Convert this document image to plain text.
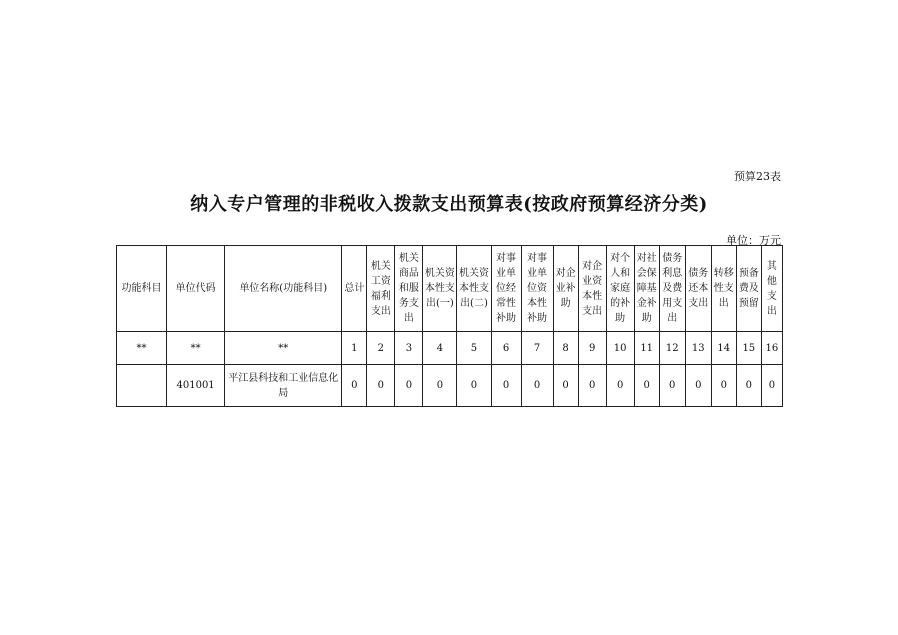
预算23表
纳入专户管理的非税收入拨款支出预算表(按政府预算经济分类)
单位：万元
功能科目	单位代码	单位名称(功能科目)	总计	机关工资福利支出	机关商品和服务支出	机关资本性支出(一)	机关资本性支出(二)	对事业单位经常性补助	对事业单位资本性补助	对企业补助	对企业资本性支出	对个人和家庭的补助	对社会保障基金补助	债务利息及费用支出	债务还本支出	转移性支出	预备费及预留	其他支出

**	**	**	1	2	3	4	5	6	7	8	9	10	11	12	13	14	15	16
	401001	平江县科技和工业信息化局	0	0	0	0	0	0	0	0	0	0	0	0	0	0	0	0
